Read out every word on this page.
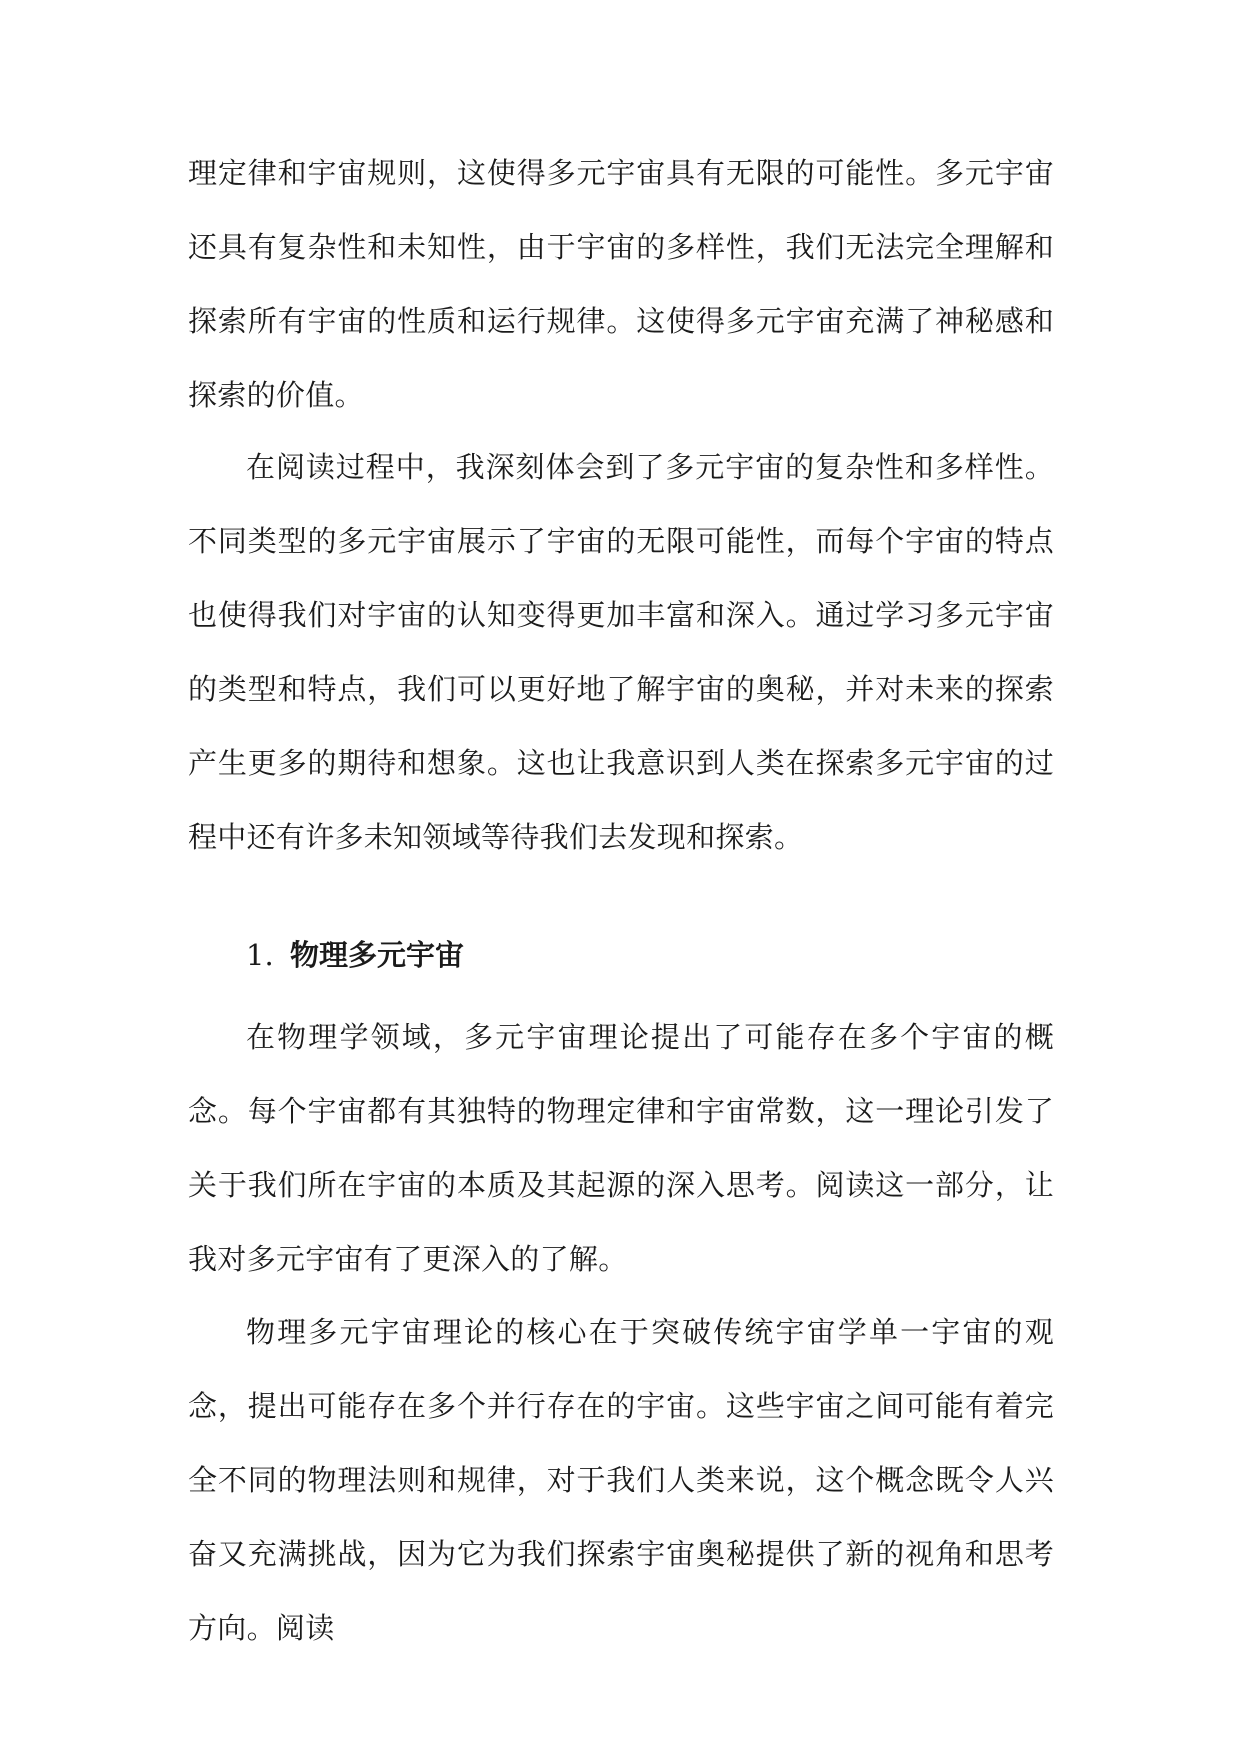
理定律和宇宙规则，这使得多元宇宙具有无限的可能性。多元宇宙还具有复杂性和未知性，由于宇宙的多样性，我们无法完全理解和探索所有宇宙的性质和运行规律。这使得多元宇宙充满了神秘感和探索的价值。

在阅读过程中，我深刻体会到了多元宇宙的复杂性和多样性。不同类型的多元宇宙展示了宇宙的无限可能性，而每个宇宙的特点也使得我们对宇宙的认知变得更加丰富和深入。通过学习多元宇宙的类型和特点，我们可以更好地了解宇宙的奥秘，并对未来的探索产生更多的期待和想象。这也让我意识到人类在探索多元宇宙的过程中还有许多未知领域等待我们去发现和探索。

1. 物理多元宇宙

在物理学领域，多元宇宙理论提出了可能存在多个宇宙的概念。每个宇宙都有其独特的物理定律和宇宙常数，这一理论引发了关于我们所在宇宙的本质及其起源的深入思考。阅读这一部分，让我对多元宇宙有了更深入的了解。

物理多元宇宙理论的核心在于突破传统宇宙学单一宇宙的观念，提出可能存在多个并行存在的宇宙。这些宇宙之间可能有着完全不同的物理法则和规律，对于我们人类来说，这个概念既令人兴奋又充满挑战，因为它为我们探索宇宙奥秘提供了新的视角和思考方向。阅读
